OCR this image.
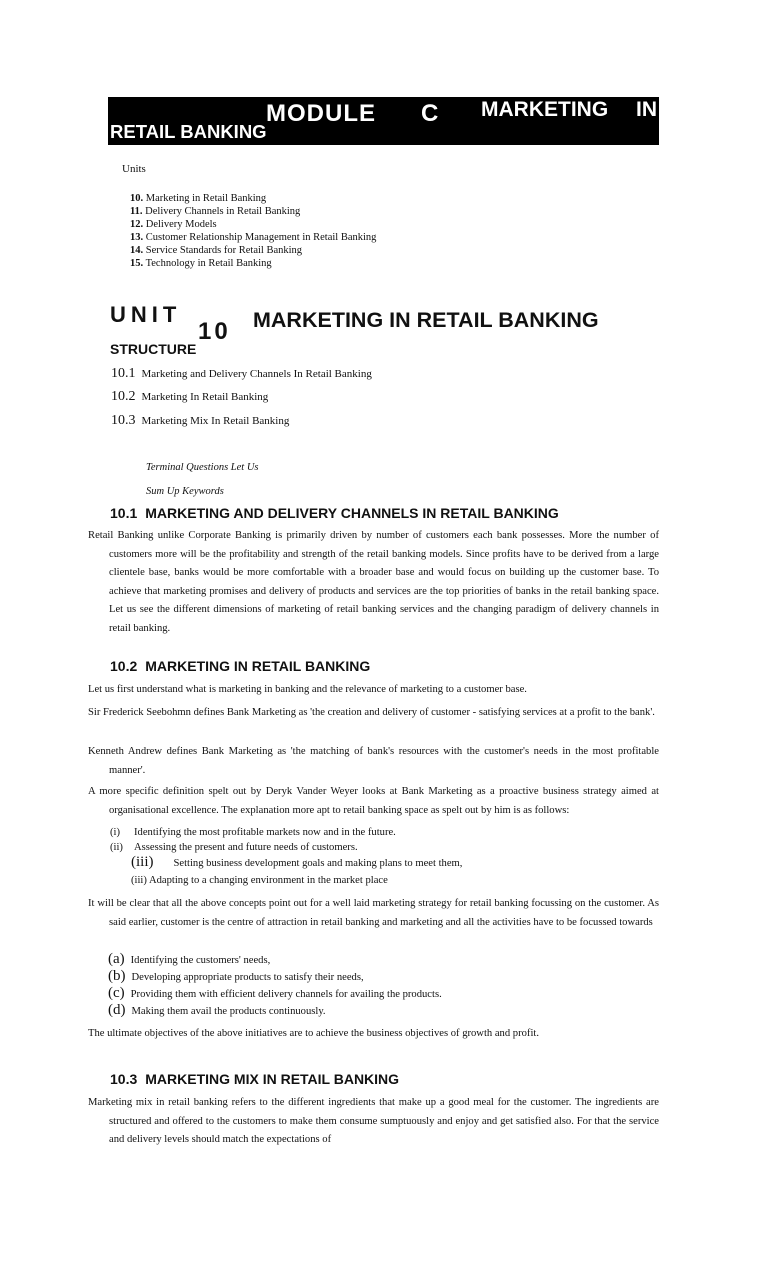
MODULE C MARKETING IN
RETAIL BANKING
Units
10. Marketing in Retail Banking
11. Delivery Channels in Retail Banking
12. Delivery Models
13. Customer Relationship Management in Retail Banking
14. Service Standards for Retail Banking
15. Technology in Retail Banking
UNIT
10 MARKETING IN RETAIL BANKING
STRUCTURE
10.1 Marketing and Delivery Channels In Retail Banking
10.2 Marketing In Retail Banking
10.3 Marketing Mix In Retail Banking
Terminal Questions Let Us
Sum Up Keywords
10.1 MARKETING AND DELIVERY CHANNELS IN RETAIL BANKING
Retail Banking unlike Corporate Banking is primarily driven by number of customers each bank possesses. More the number of customers more will be the profitability and strength of the retail banking models. Since profits have to be derived from a large clientele base, banks would be more comfortable with a broader base and would focus on building up the customer base. To achieve that marketing promises and delivery of products and services are the top priorities of banks in the retail banking space. Let us see the different dimensions of marketing of retail banking services and the changing paradigm of delivery channels in retail banking.
10.2 MARKETING IN RETAIL BANKING
Let us first understand what is marketing in banking and the relevance of marketing to a customer base.
Sir Frederick Seebohmn defines Bank Marketing as 'the creation and delivery of customer - satisfying services at a profit to the bank'.
Kenneth Andrew defines Bank Marketing as 'the matching of bank's resources with the customer's needs in the most profitable manner'.
A more specific definition spelt out by Deryk Vander Weyer looks at Bank Marketing as a proactive business strategy aimed at organisational excellence. The explanation more apt to retail banking space as spelt out by him is as follows:
(i) Identifying the most profitable markets now and in the future.
(ii) Assessing the present and future needs of customers.
(iii) Setting business development goals and making plans to meet them,
(iii) Adapting to a changing environment in the market place
It will be clear that all the above concepts point out for a well laid marketing strategy for retail banking focussing on the customer. As said earlier, customer is the centre of attraction in retail banking and marketing and all the activities have to be focussed towards
(a) Identifying the customers' needs,
(b) Developing appropriate products to satisfy their needs,
(c) Providing them with efficient delivery channels for availing the products.
(d) Making them avail the products continuously.
The ultimate objectives of the above initiatives are to achieve the business objectives of growth and profit.
10.3 MARKETING MIX IN RETAIL BANKING
Marketing mix in retail banking refers to the different ingredients that make up a good meal for the customer. The ingredients are structured and offered to the customers to make them consume sumptuously and enjoy and get satisfied also. For that the service and delivery levels should match the expectations of
